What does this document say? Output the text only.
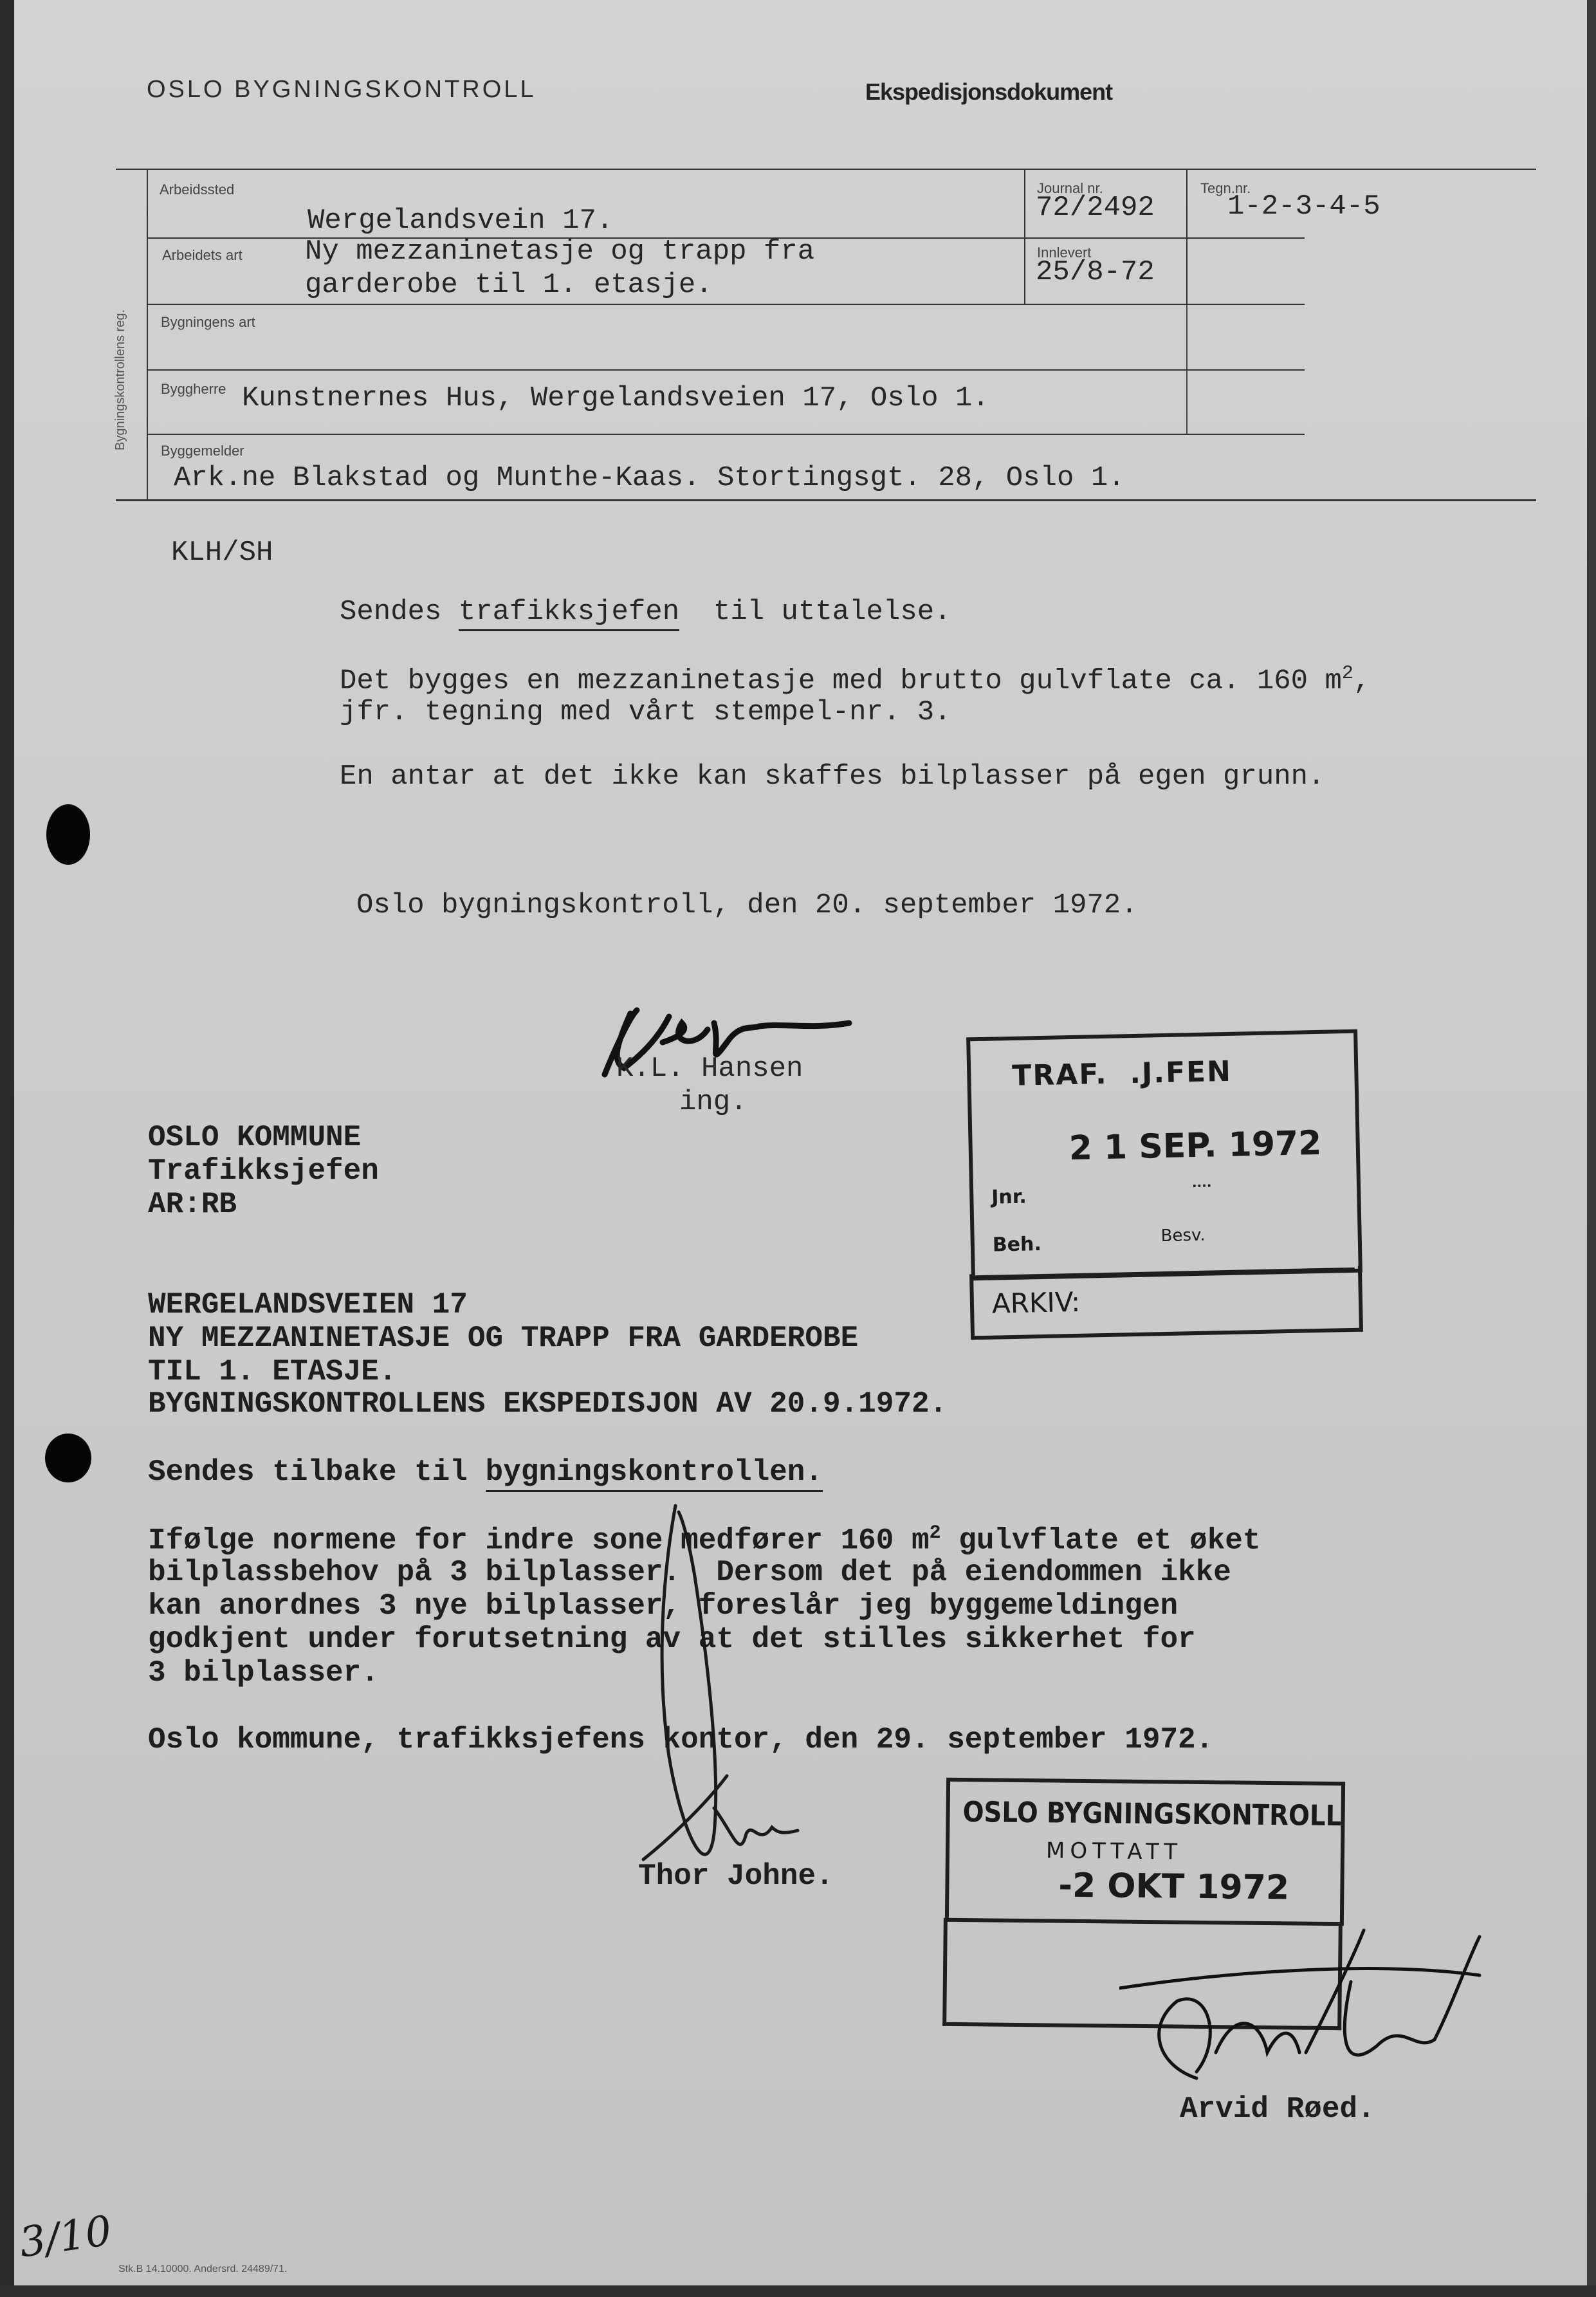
OSLO BYGNINGSKONTROLL	Ekspedisjonsdokument
Bygningskontrollens reg.
Arbeidssted
Wergelandsvein 17.
Journal nr.
72/2492
Tegn.nr.
1-2-3-4-5
Arbeidets art Ny mezzaninetasje og trapp fra
garderobe til 1. etasje.
Innlevert
25/8-72
Bygningens art
Byggherre Kunstnernes Hus, Wergelandsveien 17, Oslo 1.
Byggemelder
Ark.ne Blakstad og Munthe-Kaas. Stortingsgt. 28, Oslo 1.
KLH/SH
Sendes trafikksjefen  til uttalelse.
Det bygges en mezzaninetasje med brutto gulvflate ca. 160 $m^2$,
jfr. tegning med vårt stempel-nr. 3.
En antar at det ikke kan skaffes bilplasser på egen grunn.
Oslo bygningskontroll, den 20. september 1972.
K.L. Hansen
ing.
TRAF.  .J.FEN
2 1 SEP. 1972
Jnr.	····
Beh.	Besv.
ARKIV:
OSLO KOMMUNE
Trafikksjefen
AR:RB
WERGELANDSVEIEN 17
NY MEZZANINETASJE OG TRAPP FRA GARDEROBE
TIL 1. ETASJE.
BYGNINGSKONTROLLENS EKSPEDISJON AV 20.9.1972.
Sendes tilbake til bygningskontrollen.
Ifølge normene for indre sone medfører 160 $m^2$ gulvflate et øket
bilplassbehov på 3 bilplasser.  Dersom det på eiendommen ikke
kan anordnes 3 nye bilplasser, foreslår jeg byggemeldingen
godkjent under forutsetning av at det stilles sikkerhet for
3 bilplasser.
Oslo kommune, trafikksjefens kontor, den 29. september 1972.
Thor Johne.
OSLO BYGNINGSKONTROLL
MOTTATT
-2 OKT 1972
Arvid Røed.
3/10
Stk.B 14.10000. Andersrd. 24489/71.
